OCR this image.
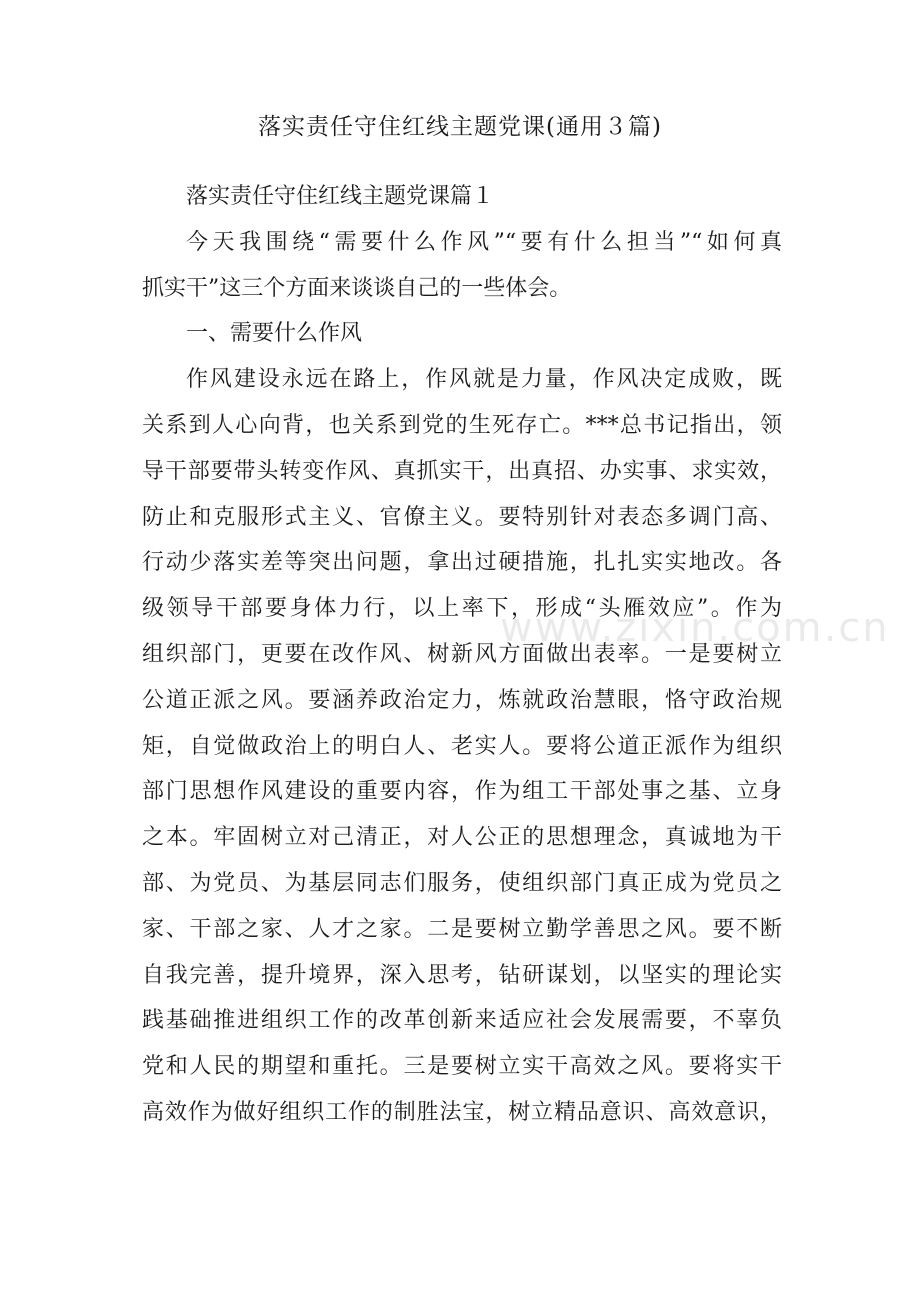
落实责任守住红线主题党课(通用３篇)
落实责任守住红线主题党课篇１
今天我围绕“需要什么作风”“要有什么担当”“如何真
抓实干”这三个方面来谈谈自己的一些体会。
一、需要什么作风
作风建设永远在路上，作风就是力量，作风决定成败，既
关系到人心向背，也关系到党的生死存亡。***总书记指出，领
导干部要带头转变作风、真抓实干，出真招、办实事、求实效，
防止和克服形式主义、官僚主义。要特别针对表态多调门高、
行动少落实差等突出问题，拿出过硬措施，扎扎实实地改。各
级领导干部要身体力行，以上率下，形成“头雁效应”。作为
组织部门，更要在改作风、树新风方面做出表率。一是要树立
公道正派之风。要涵养政治定力，炼就政治慧眼，恪守政治规
矩，自觉做政治上的明白人、老实人。要将公道正派作为组织
部门思想作风建设的重要内容，作为组工干部处事之基、立身
之本。牢固树立对己清正，对人公正的思想理念，真诚地为干
部、为党员、为基层同志们服务，使组织部门真正成为党员之
家、干部之家、人才之家。二是要树立勤学善思之风。要不断
自我完善，提升境界，深入思考，钻研谋划，以坚实的理论实
践基础推进组织工作的改革创新来适应社会发展需要，不辜负
党和人民的期望和重托。三是要树立实干高效之风。要将实干
高效作为做好组织工作的制胜法宝，树立精品意识、高效意识，
www.zixin.com.cn
